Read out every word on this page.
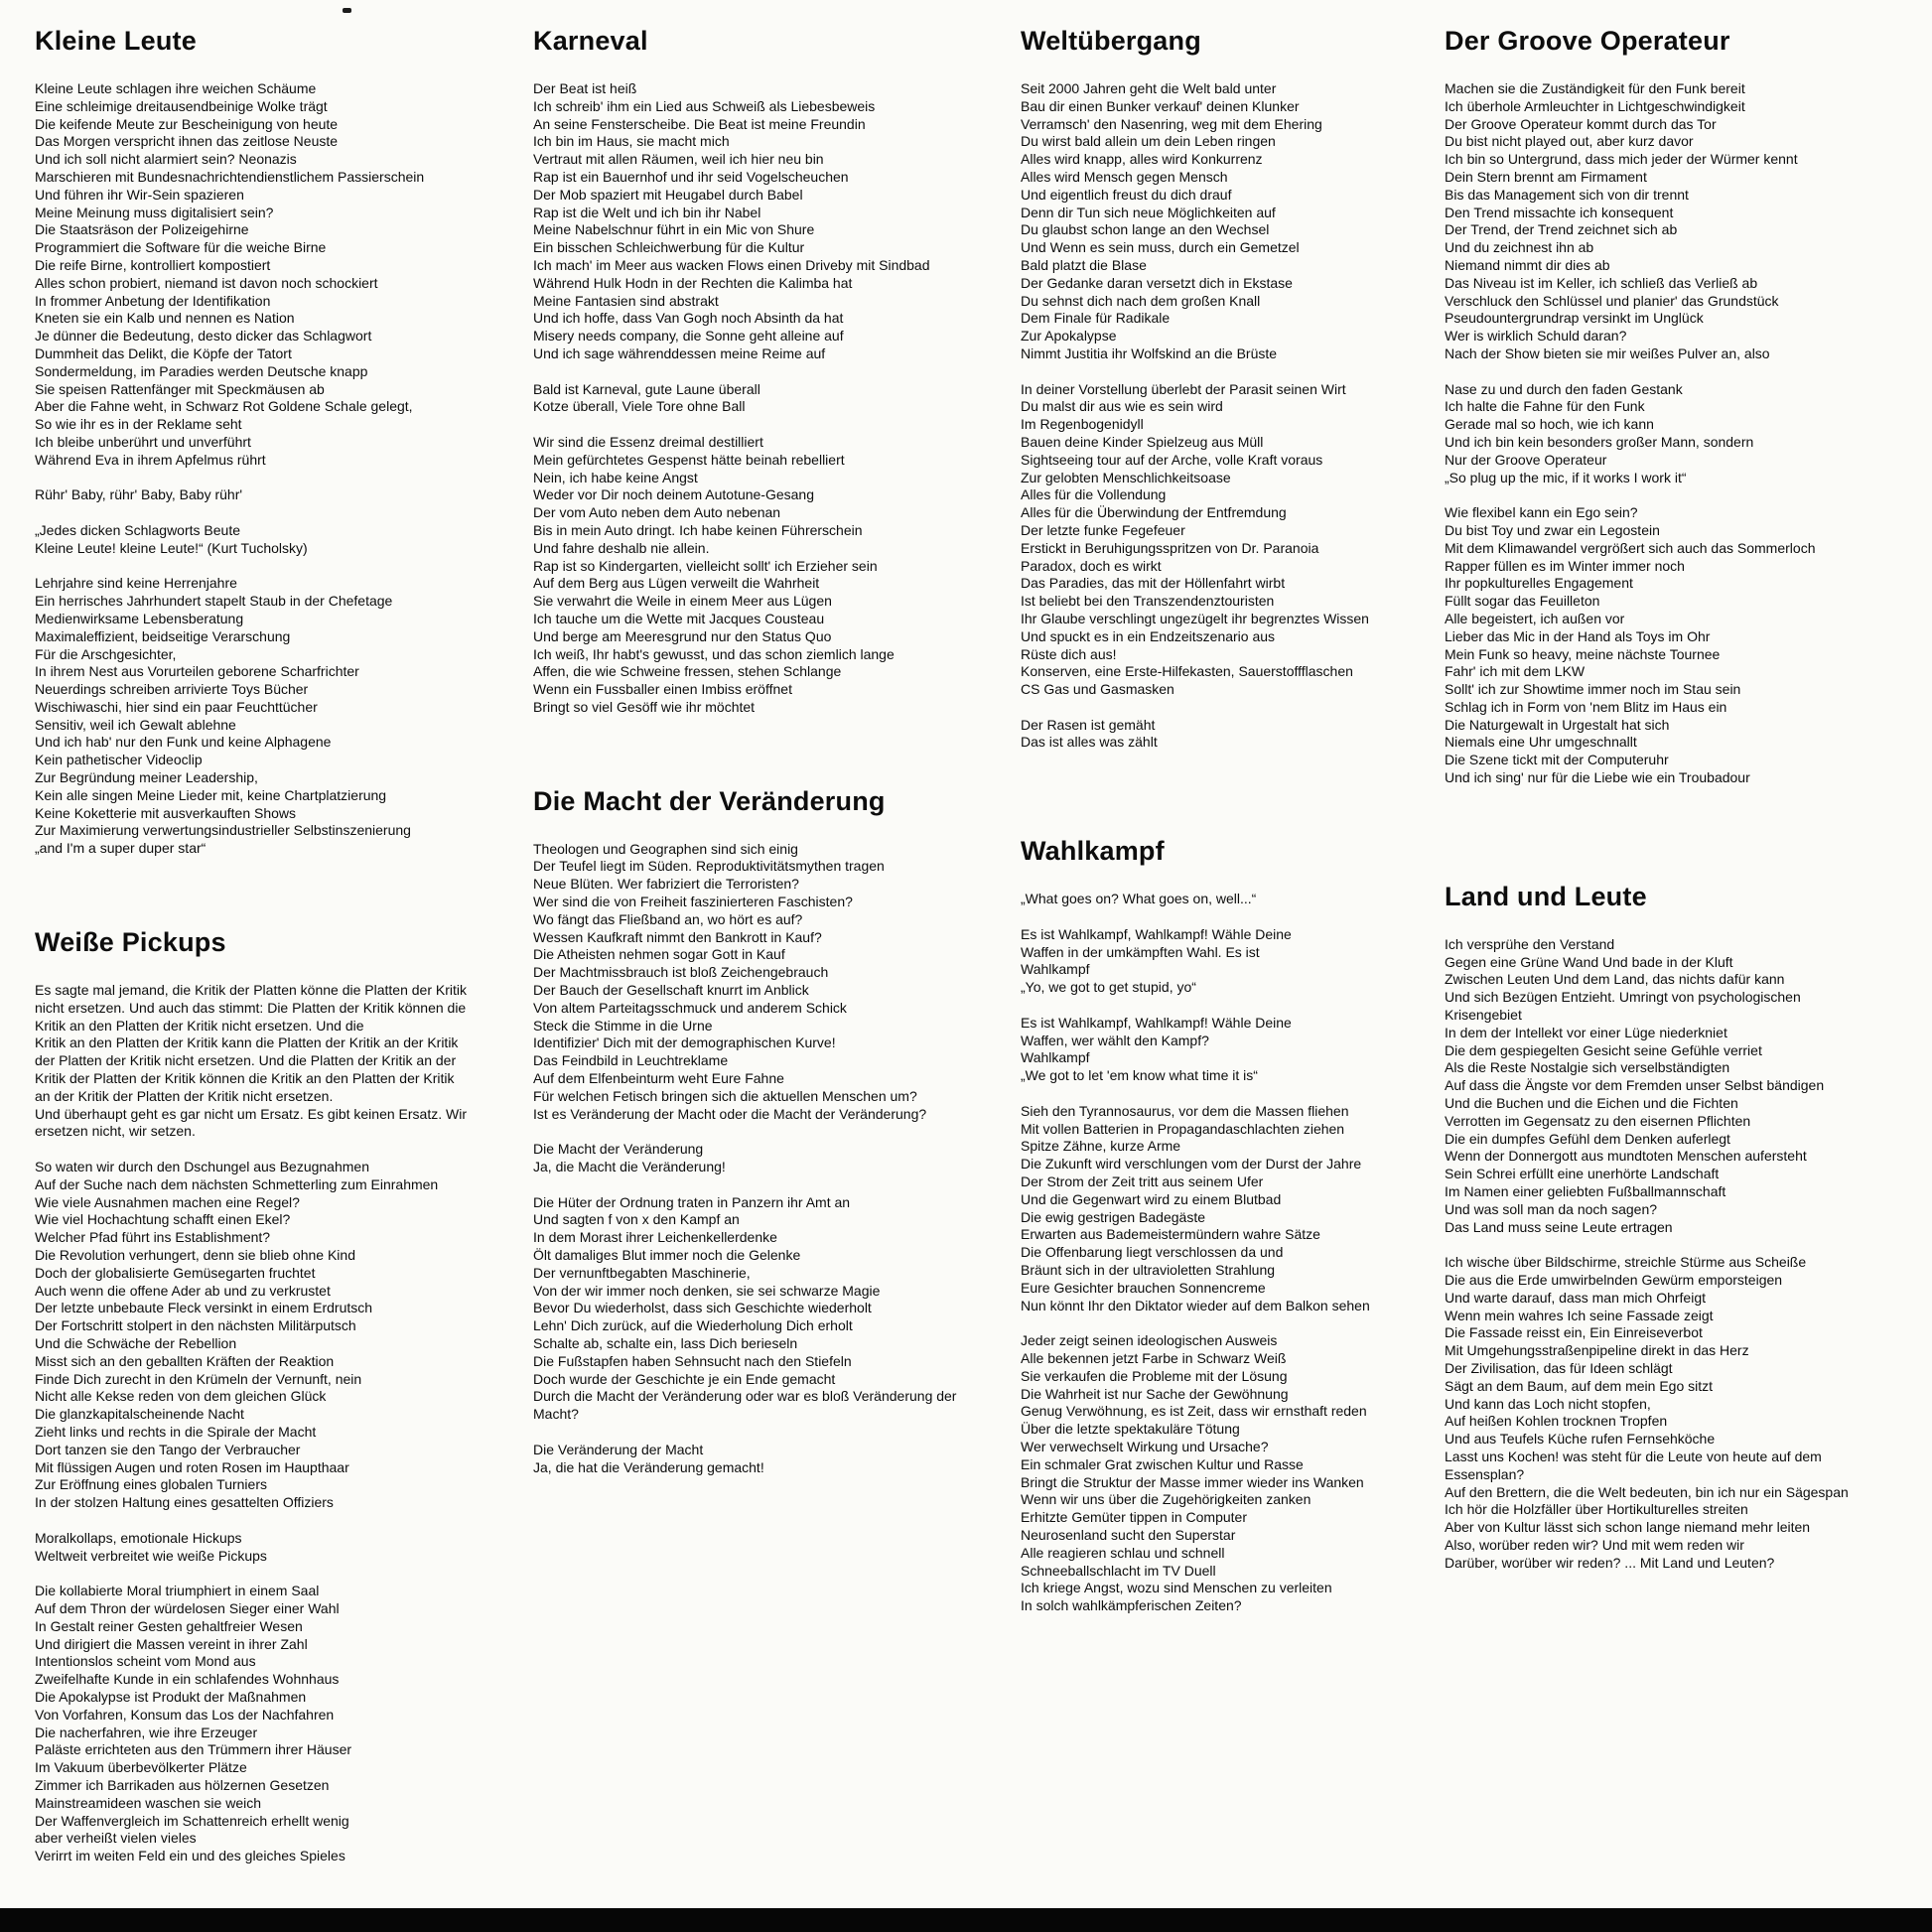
Kleine Leute

Kleine Leute schlagen ihre weichen Schäume
Eine schleimige dreitausendbeinige Wolke trägt
Die keifende Meute zur Bescheinigung von heute
Das Morgen verspricht ihnen das zeitlose Neuste
Und ich soll nicht alarmiert sein? Neonazis
Marschieren mit Bundesnachrichtendienstlichem Passierschein
Und führen ihr Wir-Sein spazieren
Meine Meinung muss digitalisiert sein?
Die Staatsräson der Polizeigehirne
Programmiert die Software für die weiche Birne
Die reife Birne, kontrolliert kompostiert
Alles schon probiert, niemand ist davon noch schockiert
In frommer Anbetung der Identifikation
Kneten sie ein Kalb und nennen es Nation
Je dünner die Bedeutung, desto dicker das Schlagwort
Dummheit das Delikt, die Köpfe der Tatort
Sondermeldung, im Paradies werden Deutsche knapp
Sie speisen Rattenfänger mit Speckmäusen ab
Aber die Fahne weht, in Schwarz Rot Goldene Schale gelegt,
So wie ihr es in der Reklame seht
Ich bleibe unberührt und unverführt
Während Eva in ihrem Apfelmus rührt

Rühr' Baby, rühr' Baby, Baby rühr'

„Jedes dicken Schlagworts Beute
Kleine Leute! kleine Leute!“ (Kurt Tucholsky)

Lehrjahre sind keine Herrenjahre
Ein herrisches Jahrhundert stapelt Staub in der Chefetage
Medienwirksame Lebensberatung
Maximaleffizient, beidseitige Verarschung
Für die Arschgesichter,
In ihrem Nest aus Vorurteilen geborene Scharfrichter
Neuerdings schreiben arrivierte Toys Bücher
Wischiwaschi, hier sind ein paar Feuchttücher
Sensitiv, weil ich Gewalt ablehne
Und ich hab' nur den Funk und keine Alphagene
Kein pathetischer Videoclip
Zur Begründung meiner Leadership,
Kein alle singen Meine Lieder mit, keine Chartplatzierung
Keine Koketterie mit ausverkauften Shows
Zur Maximierung verwertungsindustrieller Selbstinszenierung
„and I'm a super duper star“

Weiße Pickups

Es sagte mal jemand, die Kritik der Platten könne die Platten der Kritik
nicht ersetzen. Und auch das stimmt: Die Platten der Kritik können die
Kritik an den Platten der Kritik nicht ersetzen. Und die
Kritik an den Platten der Kritik kann die Platten der Kritik an der Kritik
der Platten der Kritik nicht ersetzen. Und die Platten der Kritik an der
Kritik der Platten der Kritik können die Kritik an den Platten der Kritik
an der Kritik der Platten der Kritik nicht ersetzen.
Und überhaupt geht es gar nicht um Ersatz. Es gibt keinen Ersatz. Wir
ersetzen nicht, wir setzen.

So waten wir durch den Dschungel aus Bezugnahmen
Auf der Suche nach dem nächsten Schmetterling zum Einrahmen
Wie viele Ausnahmen machen eine Regel?
Wie viel Hochachtung schafft einen Ekel?
Welcher Pfad führt ins Establishment?
Die Revolution verhungert, denn sie blieb ohne Kind
Doch der globalisierte Gemüsegarten fruchtet
Auch wenn die offene Ader ab und zu verkrustet
Der letzte unbebaute Fleck versinkt in einem Erdrutsch
Der Fortschritt stolpert in den nächsten Militärputsch
Und die Schwäche der Rebellion
Misst sich an den geballten Kräften der Reaktion
Finde Dich zurecht in den Krümeln der Vernunft, nein
Nicht alle Kekse reden von dem gleichen Glück
Die glanzkapitalscheinende Nacht
Zieht links und rechts in die Spirale der Macht
Dort tanzen sie den Tango der Verbraucher
Mit flüssigen Augen und roten Rosen im Haupthaar
Zur Eröffnung eines globalen Turniers
In der stolzen Haltung eines gesattelten Offiziers

Moralkollaps, emotionale Hickups
Weltweit verbreitet wie weiße Pickups

Die kollabierte Moral triumphiert in einem Saal
Auf dem Thron der würdelosen Sieger einer Wahl
In Gestalt reiner Gesten gehaltfreier Wesen
Und dirigiert die Massen vereint in ihrer Zahl
Intentionslos scheint vom Mond aus
Zweifelhafte Kunde in ein schlafendes Wohnhaus
Die Apokalypse ist Produkt der Maßnahmen
Von Vorfahren, Konsum das Los der Nachfahren
Die nacherfahren, wie ihre Erzeuger
Paläste errichteten aus den Trümmern ihrer Häuser
Im Vakuum überbevölkerter Plätze
Zimmer ich Barrikaden aus hölzernen Gesetzen
Mainstreamideen waschen sie weich
Der Waffenvergleich im Schattenreich erhellt wenig
aber verheißt vielen vieles
Verirrt im weiten Feld ein und des gleiches Spieles

Karneval

Der Beat ist heiß
Ich schreib' ihm ein Lied aus Schweiß als Liebesbeweis
An seine Fensterscheibe. Die Beat ist meine Freundin
Ich bin im Haus, sie macht mich
Vertraut mit allen Räumen, weil ich hier neu bin
Rap ist ein Bauernhof und ihr seid Vogelscheuchen
Der Mob spaziert mit Heugabel durch Babel
Rap ist die Welt und ich bin ihr Nabel
Meine Nabelschnur führt in ein Mic von Shure
Ein bisschen Schleichwerbung für die Kultur
Ich mach' im Meer aus wacken Flows einen Driveby mit Sindbad
Während Hulk Hodn in der Rechten die Kalimba hat
Meine Fantasien sind abstrakt
Und ich hoffe, dass Van Gogh noch Absinth da hat
Misery needs company, die Sonne geht alleine auf
Und ich sage währenddessen meine Reime auf

Bald ist Karneval, gute Laune überall
Kotze überall, Viele Tore ohne Ball

Wir sind die Essenz dreimal destilliert
Mein gefürchtetes Gespenst hätte beinah rebelliert
Nein, ich habe keine Angst
Weder vor Dir noch deinem Autotune-Gesang
Der vom Auto neben dem Auto nebenan
Bis in mein Auto dringt. Ich habe keinen Führerschein
Und fahre deshalb nie allein.
Rap ist so Kindergarten, vielleicht sollt' ich Erzieher sein
Auf dem Berg aus Lügen verweilt die Wahrheit
Sie verwahrt die Weile in einem Meer aus Lügen
Ich tauche um die Wette mit Jacques Cousteau
Und berge am Meeresgrund nur den Status Quo
Ich weiß, Ihr habt's gewusst, und das schon ziemlich lange
Affen, die wie Schweine fressen, stehen Schlange
Wenn ein Fussballer einen Imbiss eröffnet
Bringt so viel Gesöff wie ihr möchtet

Die Macht der Veränderung

Theologen und Geographen sind sich einig
Der Teufel liegt im Süden. Reproduktivitätsmythen tragen
Neue Blüten. Wer fabriziert die Terroristen?
Wer sind die von Freiheit faszinierteren Faschisten?
Wo fängt das Fließband an, wo hört es auf?
Wessen Kaufkraft nimmt den Bankrott in Kauf?
Die Atheisten nehmen sogar Gott in Kauf
Der Machtmissbrauch ist bloß Zeichengebrauch
Der Bauch der Gesellschaft knurrt im Anblick
Von altem Parteitagsschmuck und anderem Schick
Steck die Stimme in die Urne
Identifizier' Dich mit der demographischen Kurve!
Das Feindbild in Leuchtreklame
Auf dem Elfenbeinturm weht Eure Fahne
Für welchen Fetisch bringen sich die aktuellen Menschen um?
Ist es Veränderung der Macht oder die Macht der Veränderung?

Die Macht der Veränderung
Ja, die Macht die Veränderung!

Die Hüter der Ordnung traten in Panzern ihr Amt an
Und sagten f von x den Kampf an
In dem Morast ihrer Leichenkellerdenke
Ölt damaliges Blut immer noch die Gelenke
Der vernunftbegabten Maschinerie,
Von der wir immer noch denken, sie sei schwarze Magie
Bevor Du wiederholst, dass sich Geschichte wiederholt
Lehn' Dich zurück, auf die Wiederholung Dich erholt
Schalte ab, schalte ein, lass Dich berieseln
Die Fußstapfen haben Sehnsucht nach den Stiefeln
Doch wurde der Geschichte je ein Ende gemacht
Durch die Macht der Veränderung oder war es bloß Veränderung der
Macht?

Die Veränderung der Macht
Ja, die hat die Veränderung gemacht!

Weltübergang

Seit 2000 Jahren geht die Welt bald unter
Bau dir einen Bunker verkauf' deinen Klunker
Verramsch' den Nasenring, weg mit dem Ehering
Du wirst bald allein um dein Leben ringen
Alles wird knapp, alles wird Konkurrenz
Alles wird Mensch gegen Mensch
Und eigentlich freust du dich drauf
Denn dir Tun sich neue Möglichkeiten auf
Du glaubst schon lange an den Wechsel
Und Wenn es sein muss, durch ein Gemetzel
Bald platzt die Blase
Der Gedanke daran versetzt dich in Ekstase
Du sehnst dich nach dem großen Knall
Dem Finale für Radikale
Zur Apokalypse
Nimmt Justitia ihr Wolfskind an die Brüste

In deiner Vorstellung überlebt der Parasit seinen Wirt
Du malst dir aus wie es sein wird
Im Regenbogenidyll
Bauen deine Kinder Spielzeug aus Müll
Sightseeing tour auf der Arche, volle Kraft voraus
Zur gelobten Menschlichkeitsoase
Alles für die Vollendung
Alles für die Überwindung der Entfremdung
Der letzte funke Fegefeuer
Erstickt in Beruhigungsspritzen von Dr. Paranoia
Paradox, doch es wirkt
Das Paradies, das mit der Höllenfahrt wirbt
Ist beliebt bei den Transzendenztouristen
Ihr Glaube verschlingt ungezügelt ihr begrenztes Wissen
Und spuckt es in ein Endzeitszenario aus
Rüste dich aus!
Konserven, eine Erste-Hilfekasten, Sauerstoffflaschen
CS Gas und Gasmasken

Der Rasen ist gemäht
Das ist alles was zählt

Wahlkampf

„What goes on? What goes on, well...“

Es ist Wahlkampf, Wahlkampf! Wähle Deine
Waffen in der umkämpften Wahl. Es ist
Wahlkampf
„Yo, we got to get stupid, yo“

Es ist Wahlkampf, Wahlkampf! Wähle Deine
Waffen, wer wählt den Kampf?
Wahlkampf
„We got to let 'em know what time it is“

Sieh den Tyrannosaurus, vor dem die Massen fliehen
Mit vollen Batterien in Propagandaschlachten ziehen
Spitze Zähne, kurze Arme
Die Zukunft wird verschlungen vom der Durst der Jahre
Der Strom der Zeit tritt aus seinem Ufer
Und die Gegenwart wird zu einem Blutbad
Die ewig gestrigen Badegäste
Erwarten aus Bademeistermündern wahre Sätze
Die Offenbarung liegt verschlossen da und
Bräunt sich in der ultravioletten Strahlung
Eure Gesichter brauchen Sonnencreme
Nun könnt Ihr den Diktator wieder auf dem Balkon sehen

Jeder zeigt seinen ideologischen Ausweis
Alle bekennen jetzt Farbe in Schwarz Weiß
Sie verkaufen die Probleme mit der Lösung
Die Wahrheit ist nur Sache der Gewöhnung
Genug Verwöhnung, es ist Zeit, dass wir ernsthaft reden
Über die letzte spektakuläre Tötung
Wer verwechselt Wirkung und Ursache?
Ein schmaler Grat zwischen Kultur und Rasse
Bringt die Struktur der Masse immer wieder ins Wanken
Wenn wir uns über die Zugehörigkeiten zanken
Erhitzte Gemüter tippen in Computer
Neurosenland sucht den Superstar
Alle reagieren schlau und schnell
Schneeballschlacht im TV Duell
Ich kriege Angst, wozu sind Menschen zu verleiten
In solch wahlkämpferischen Zeiten?

Der Groove Operateur

Machen sie die Zuständigkeit für den Funk bereit
Ich überhole Armleuchter in Lichtgeschwindigkeit
Der Groove Operateur kommt durch das Tor
Du bist nicht played out, aber kurz davor
Ich bin so Untergrund, dass mich jeder der Würmer kennt
Dein Stern brennt am Firmament
Bis das Management sich von dir trennt
Den Trend missachte ich konsequent
Der Trend, der Trend zeichnet sich ab
Und du zeichnest ihn ab
Niemand nimmt dir dies ab
Das Niveau ist im Keller, ich schließ das Verließ ab
Verschluck den Schlüssel und planier' das Grundstück
Pseudountergrundrap versinkt im Unglück
Wer is wirklich Schuld daran?
Nach der Show bieten sie mir weißes Pulver an, also

Nase zu und durch den faden Gestank
Ich halte die Fahne für den Funk
Gerade mal so hoch, wie ich kann
Und ich bin kein besonders großer Mann, sondern
Nur der Groove Operateur
„So plug up the mic, if it works I work it“

Wie flexibel kann ein Ego sein?
Du bist Toy und zwar ein Legostein
Mit dem Klimawandel vergrößert sich auch das Sommerloch
Rapper füllen es im Winter immer noch
Ihr popkulturelles Engagement
Füllt sogar das Feuilleton
Alle begeistert, ich außen vor
Lieber das Mic in der Hand als Toys im Ohr
Mein Funk so heavy, meine nächste Tournee
Fahr' ich mit dem LKW
Sollt' ich zur Showtime immer noch im Stau sein
Schlag ich in Form von 'nem Blitz im Haus ein
Die Naturgewalt in Urgestalt hat sich
Niemals eine Uhr umgeschnallt
Die Szene tickt mit der Computeruhr
Und ich sing' nur für die Liebe wie ein Troubadour

Land und Leute

Ich versprühe den Verstand
Gegen eine Grüne Wand Und bade in der Kluft
Zwischen Leuten Und dem Land, das nichts dafür kann
Und sich Bezügen Entzieht. Umringt von psychologischen
Krisengebiet
In dem der Intellekt vor einer Lüge niederkniet
Die dem gespiegelten Gesicht seine Gefühle verriet
Als die Reste Nostalgie sich verselbständigten
Auf dass die Ängste vor dem Fremden unser Selbst bändigen
Und die Buchen und die Eichen und die Fichten
Verrotten im Gegensatz zu den eisernen Pflichten
Die ein dumpfes Gefühl dem Denken auferlegt
Wenn der Donnergott aus mundtoten Menschen aufersteht
Sein Schrei erfüllt eine unerhörte Landschaft
Im Namen einer geliebten Fußballmannschaft
Und was soll man da noch sagen?
Das Land muss seine Leute ertragen

Ich wische über Bildschirme, streichle Stürme aus Scheiße
Die aus die Erde umwirbelnden Gewürm emporsteigen
Und warte darauf, dass man mich Ohrfeigt
Wenn mein wahres Ich seine Fassade zeigt
Die Fassade reisst ein, Ein Einreiseverbot
Mit Umgehungsstraßenpipeline direkt in das Herz
Der Zivilisation, das für Ideen schlägt
Sägt an dem Baum, auf dem mein Ego sitzt
Und kann das Loch nicht stopfen,
Auf heißen Kohlen trocknen Tropfen
Und aus Teufels Küche rufen Fernsehköche
Lasst uns Kochen! was steht für die Leute von heute auf dem
Essensplan?
Auf den Brettern, die die Welt bedeuten, bin ich nur ein Sägespan
Ich hör die Holzfäller über Hortikulturelles streiten
Aber von Kultur lässt sich schon lange niemand mehr leiten
Also, worüber reden wir? Und mit wem reden wir
Darüber, worüber wir reden? ... Mit Land und Leuten?
